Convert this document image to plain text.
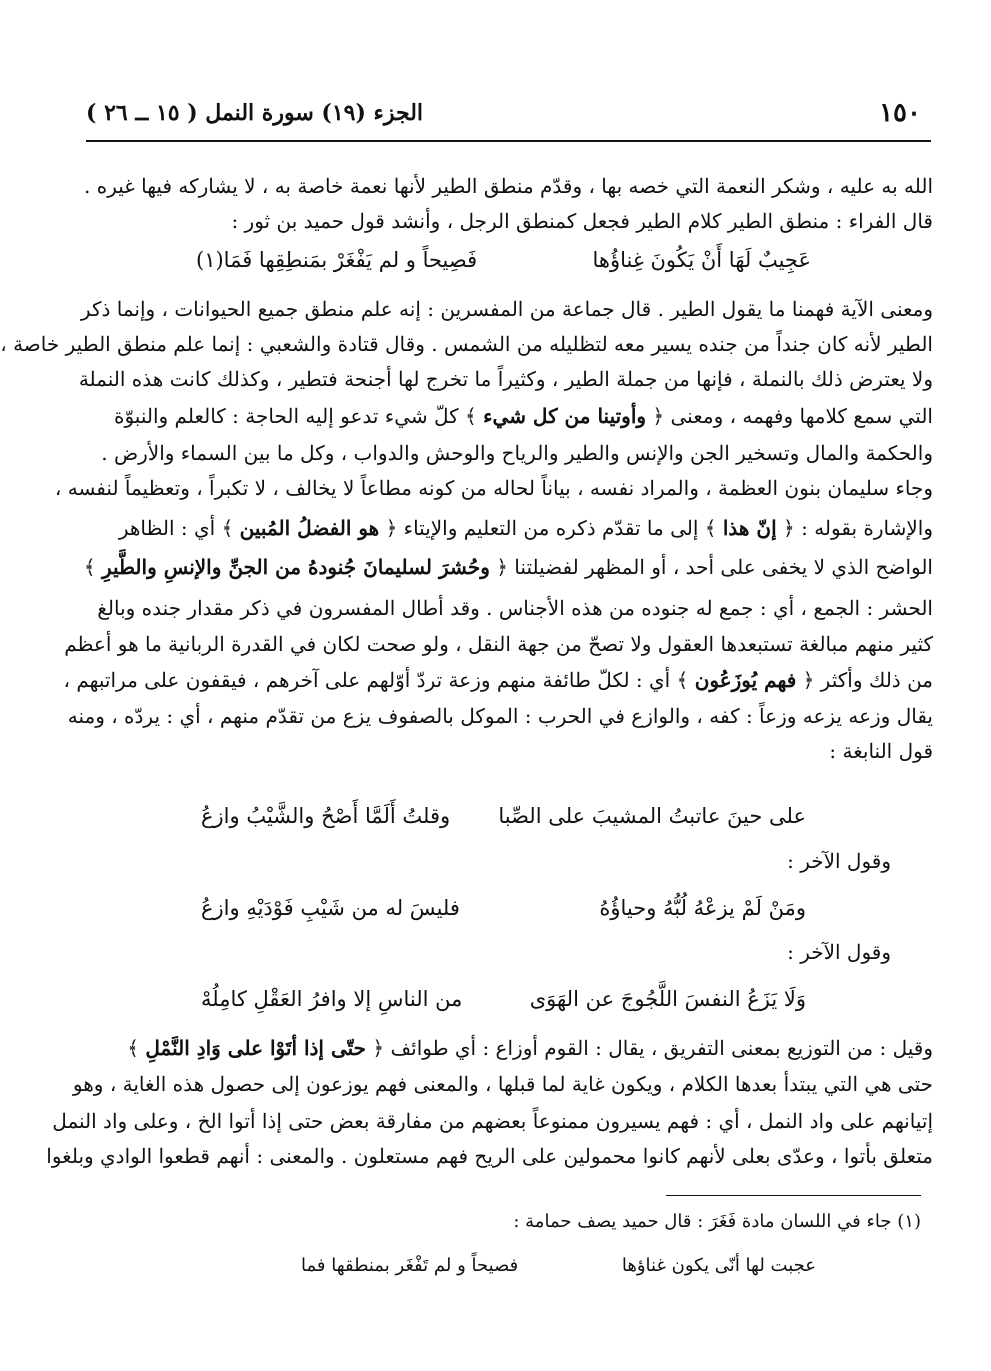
١٥٠
الجزء (١٩) سورة النمل ( ١٥ ــ ٢٦ )
الله به عليه ، وشكر النعمة التي خصه بها ، وقدّم منطق الطير لأنها نعمة خاصة به ، لا يشاركه فيها غيره .
قال الفراء : منطق الطير كلام الطير فجعل كمنطق الرجل ، وأنشد قول حميد بن ثور :
عَجِيبٌ لَهَا أَنْ يَكُونَ غِناؤُها
فَصِيحاً و لم يَفْغَرْ بمَنطِقِها فَمَا(١)
ومعنى الآية فهمنا ما يقول الطير . قال جماعة من المفسرين : إنه علم منطق جميع الحيوانات ، وإنما ذكر
الطير لأنه كان جنداً من جنده يسير معه لتظليله من الشمس . وقال قتادة والشعبي : إنما علم منطق الطير خاصة ،
ولا يعترض ذلك بالنملة ، فإنها من جملة الطير ، وكثيراً ما تخرج لها أجنحة فتطير ، وكذلك كانت هذه النملة
التي سمع كلامها وفهمه ، ومعنى ﴿ وأوتينا من كل شيء ﴾ كلّ شيء تدعو إليه الحاجة : كالعلم والنبوّة
والحكمة والمال وتسخير الجن والإنس والطير والرياح والوحش والدواب ، وكل ما بين السماء والأرض .
وجاء سليمان بنون العظمة ، والمراد نفسه ، بياناً لحاله من كونه مطاعاً لا يخالف ، لا تكبراً ، وتعظيماً لنفسه ،
والإشارة بقوله : ﴿ إنّ هذا ﴾ إلى ما تقدّم ذكره من التعليم والإيتاء ﴿ هو الفضلُ المُبين ﴾ أي : الظاهر
الواضح الذي لا يخفى على أحد ، أو المظهر لفضيلتنا ﴿ وحُشرَ لسليمانَ جُنودهُ من الجنِّ والإنسِ والطَّيرِ ﴾
الحشر : الجمع ، أي : جمع له جنوده من هذه الأجناس . وقد أطال المفسرون في ذكر مقدار جنده وبالغ
كثير منهم مبالغة تستبعدها العقول ولا تصحّ من جهة النقل ، ولو صحت لكان في القدرة الربانية ما هو أعظم
من ذلك وأكثر ﴿ فهم يُوزَعُون ﴾ أي : لكلّ طائفة منهم وزعة تردّ أوّلهم على آخرهم ، فيقفون على مراتبهم ،
يقال وزعه يزعه وزعاً : كفه ، والوازع في الحرب : الموكل بالصفوف يزع من تقدّم منهم ، أي : يردّه ، ومنه
قول النابغة :
على حينَ عاتبتُ المشيبَ على الصِّبا
وقلتُ أَلَمَّا أَصْحُ والشَّيْبُ وازعُ
وقول الآخر :
ومَنْ لَمْ يزعْهُ لُبُّهُ وحياؤُهُ
فليسَ له من شَيْبِ فَوْدَيْهِ وازعُ
وقول الآخر :
وَلَا يَزَعُ النفسَ اللَّجُوجَ عن الهَوَى
من الناسِ إلا وافرُ العَقْلِ كامِلُهْ
وقيل : من التوزيع بمعنى التفريق ، يقال : القوم أوزاع : أي طوائف ﴿ حتّى إذا أتَوْا على وَادِ النَّمْلِ ﴾
حتى هي التي يبتدأ بعدها الكلام ، ويكون غاية لما قبلها ، والمعنى فهم يوزعون إلى حصول هذه الغاية ، وهو
إتيانهم على واد النمل ، أي : فهم يسيرون ممنوعاً بعضهم من مفارقة بعض حتى إذا أتوا الخ ، وعلى واد النمل
متعلق بأتوا ، وعدّى بعلى لأنهم كانوا محمولين على الريح فهم مستعلون . والمعنى : أنهم قطعوا الوادي وبلغوا
(١) جاء في اللسان مادة فَغَرَ : قال حميد يصف حمامة :
عجبت لها أنّى يكون غناؤها
فصيحاً و لم تَفْغَر بمنطقها فما
